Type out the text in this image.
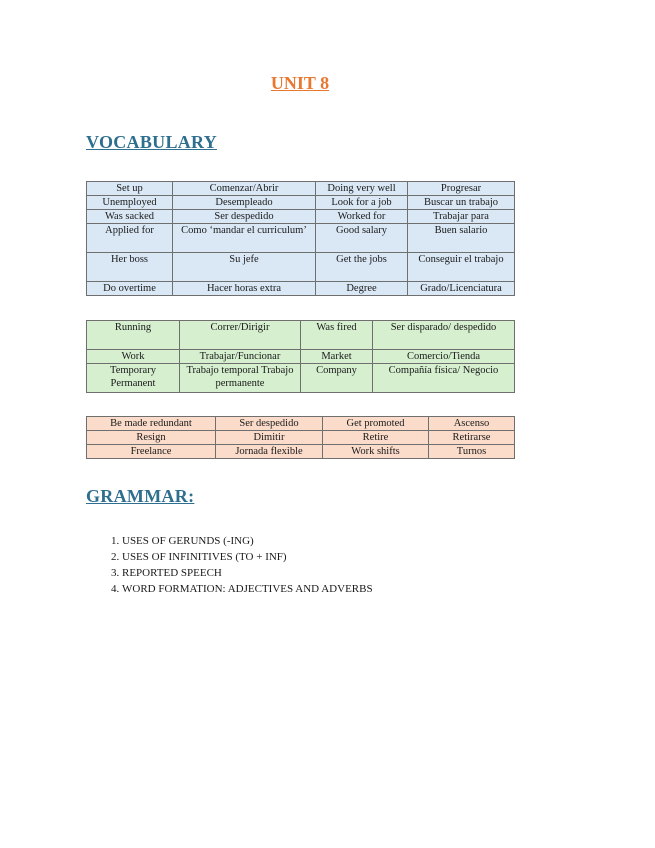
UNIT 8
VOCABULARY
Set up	Comenzar/Abrir	Doing very well	Progresar
Unemployed	Desempleado	Look for a job	Buscar un trabajo
Was sacked	Ser despedido	Worked for	Trabajar para
Applied for	Como ‘mandar el curriculum’	Good salary	Buen salario
Her boss	Su jefe	Get the jobs	Conseguir el trabajo
Do overtime	Hacer horas extra	Degree	Grado/Licenciatura
Running	Correr/Dirigir	Was fired	Ser disparado/ despedido
Work	Trabajar/Funcionar	Market	Comercio/Tienda
Temporary Permanent	Trabajo temporal Trabajo permanente	Company	Compañía física/ Negocio
Be made redundant	Ser despedido	Get promoted	Ascenso
Resign	Dimitir	Retire	Retirarse
Freelance	Jornada flexible	Work shifts	Turnos
GRAMMAR:
1. USES OF GERUNDS (-ING)
2. USES OF INFINITIVES (TO + INF)
3. REPORTED SPEECH
4. WORD FORMATION: ADJECTIVES AND ADVERBS
